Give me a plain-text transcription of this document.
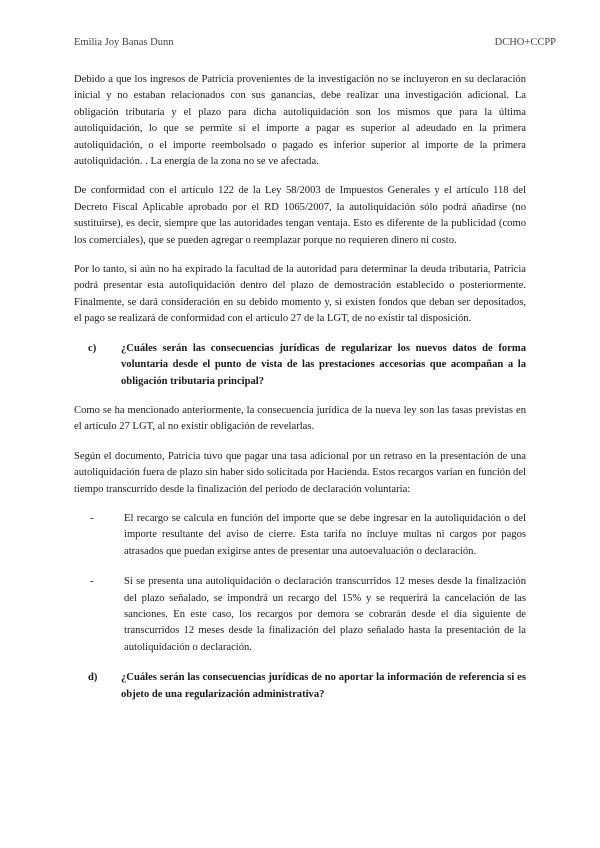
Emilia Joy Banas Dunn	DCHO+CCPP

Debido a que los ingresos de Patricia provenientes de la investigación no se incluyeron en su declaración inicial y no estaban relacionados con sus ganancias, debe realizar una investigación adicional. La obligación tributaria y el plazo para dicha autoliquidación son los mismos que para la última autoliquidación, lo que se permite si el importe a pagar es superior al adeudado en la primera autoliquidación, o el importe reembolsado o pagado es inferior superior al importe de la primera autoliquidación. . La energía de la zona no se ve afectada.

De conformidad con el artículo 122 de la Ley 58/2003 de Impuestos Generales y el artículo 118 del Decreto Fiscal Aplicable aprobado por el RD 1065/2007, la autoliquidación sólo podrá añadirse (no sustituirse), es decir, siempre que las autoridades tengan ventaja. Esto es diferente de la publicidad (como los comerciales), que se pueden agregar o reemplazar porque no requieren dinero ni costo.

Por lo tanto, si aún no ha expirado la facultad de la autoridad para determinar la deuda tributaria, Patricia podrá presentar esta autoliquidación dentro del plazo de demostración establecido o posteriormente. Finalmente, se dará consideración en su debido momento y, si existen fondos que deban ser depositados, el pago se realizará de conformidad con el artículo 27 de la LGT, de no existir tal disposición.

c)	¿Cuáles serán las consecuencias jurídicas de regularizar los nuevos datos de forma voluntaria desde el punto de vista de las prestaciones accesorias que acompañan a la obligación tributaria principal?

Como se ha mencionado anteriormente, la consecuencia jurídica de la nueva ley son las tasas previstas en el artículo 27 LGT, al no existir obligación de revelarlas.

Según el documento, Patricia tuvo que pagar una tasa adicional por un retraso en la presentación de una autoliquidación fuera de plazo sin haber sido solicitada por Hacienda. Estos recargos varían en función del tiempo transcurrido desde la finalización del periodo de declaración voluntaria:

-	El recargo se calcula en función del importe que se debe ingresar en la autoliquidación o del importe resultante del aviso de cierre. Esta tarifa no incluye multas ni cargos por pagos atrasados que puedan exigirse antes de presentar una autoevaluación o declaración.
-	Si se presenta una autoliquidación o declaración transcurridos 12 meses desde la finalización del plazo señalado, se impondrá un recargo del 15% y se requerirá la cancelación de las sanciones. En este caso, los recargos por demora se cobrarán desde el día siguiente de transcurridos 12 meses desde la finalización del plazo señalado hasta la presentación de la autoliquidación o declaración.
d)	¿Cuáles serán las consecuencias jurídicas de no aportar la información de referencia si es objeto de una regularización administrativa?
